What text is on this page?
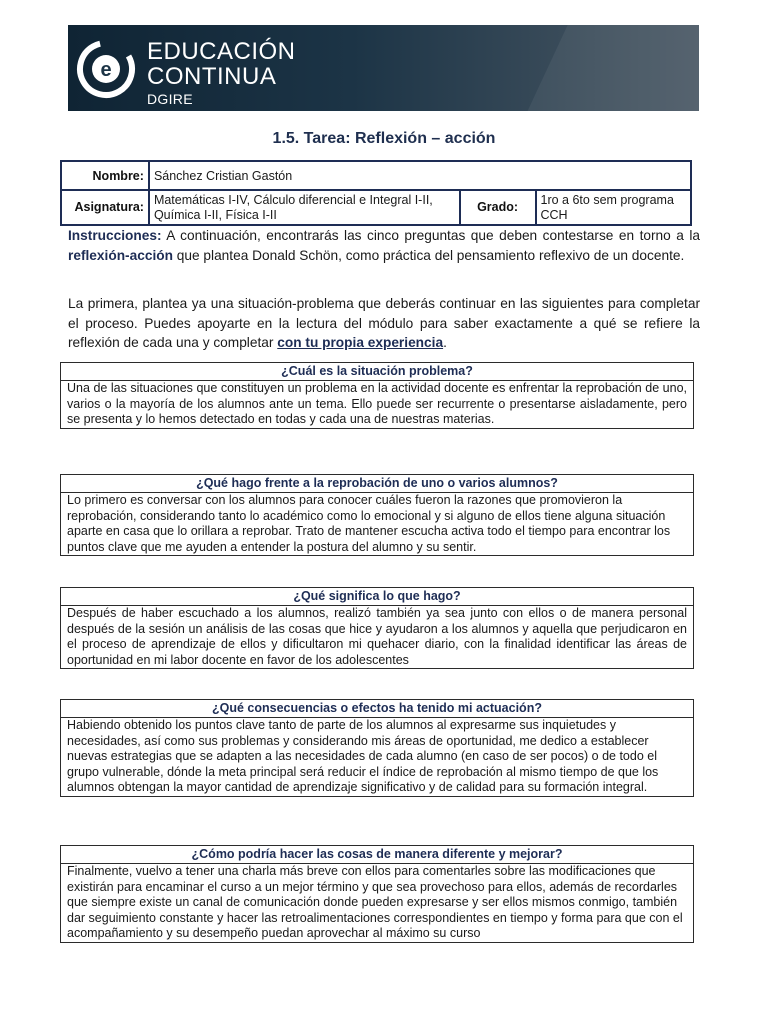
e
EDUCACIÓN
CONTINUA
DGIRE
1.5. Tarea: Reflexión – acción
Nombre:	Sánchez Cristian Gastón		
Asignatura:	Matemáticas I-IV, Cálculo diferencial e Integral I-II, Química I-II, Física I-II	Grado:	1ro a 6to sem programa CCH
Instrucciones: A continuación, encontrarás las cinco preguntas que deben contestarse en torno a la reflexión-acción que plantea Donald Schön, como práctica del pensamiento reflexivo de un docente.
La primera, plantea ya una situación-problema que deberás continuar en las siguientes para completar el proceso. Puedes apoyarte en la lectura del módulo para saber exactamente a qué se refiere la reflexión de cada una y completar con tu propia experiencia.
¿Cuál es la situación problema?
Una de las situaciones que constituyen un problema en la actividad docente es enfrentar la reprobación de uno, varios o la mayoría de los alumnos ante un tema. Ello puede ser recurrente o presentarse aisladamente, pero se presenta y lo hemos detectado en todas y cada una de nuestras materias.
¿Qué hago frente a la reprobación de uno o varios alumnos?
Lo primero es conversar con los alumnos para conocer cuáles fueron la razones que promovieron la reprobación, considerando tanto lo académico como lo emocional y si alguno de ellos tiene alguna situación aparte en casa que lo orillara a reprobar. Trato de mantener escucha activa todo el tiempo para encontrar los puntos clave que me ayuden a entender la postura del alumno y su sentir.
¿Qué significa lo que hago?
Después de haber escuchado a los alumnos, realizó también ya sea junto con ellos o de manera personal después de la sesión un análisis de las cosas que hice y ayudaron a los alumnos y aquella que perjudicaron en el proceso de aprendizaje de ellos y dificultaron mi quehacer diario, con la finalidad identificar las áreas de oportunidad en mi labor docente en favor de los adolescentes
¿Qué consecuencias o efectos ha tenido mi actuación?
Habiendo obtenido los puntos clave tanto de parte de los alumnos al expresarme sus inquietudes y necesidades, así como sus problemas y considerando mis áreas de oportunidad, me dedico a establecer nuevas estrategias que se adapten a las necesidades de cada alumno (en caso de ser pocos) o de todo el grupo vulnerable, dónde la meta principal será reducir el índice de reprobación al mismo tiempo de que los alumnos obtengan la mayor cantidad de aprendizaje significativo y de calidad para su formación integral.
¿Cómo podría hacer las cosas de manera diferente y mejorar?
Finalmente, vuelvo a tener una charla más breve con ellos para comentarles sobre las modificaciones que existirán para encaminar el curso a un mejor término y que sea provechoso para ellos, además de recordarles que siempre existe un canal de comunicación donde pueden expresarse y ser ellos mismos conmigo, también dar seguimiento constante y hacer las retroalimentaciones correspondientes en tiempo y forma para que con el acompañamiento y su desempeño puedan aprovechar al máximo su curso
